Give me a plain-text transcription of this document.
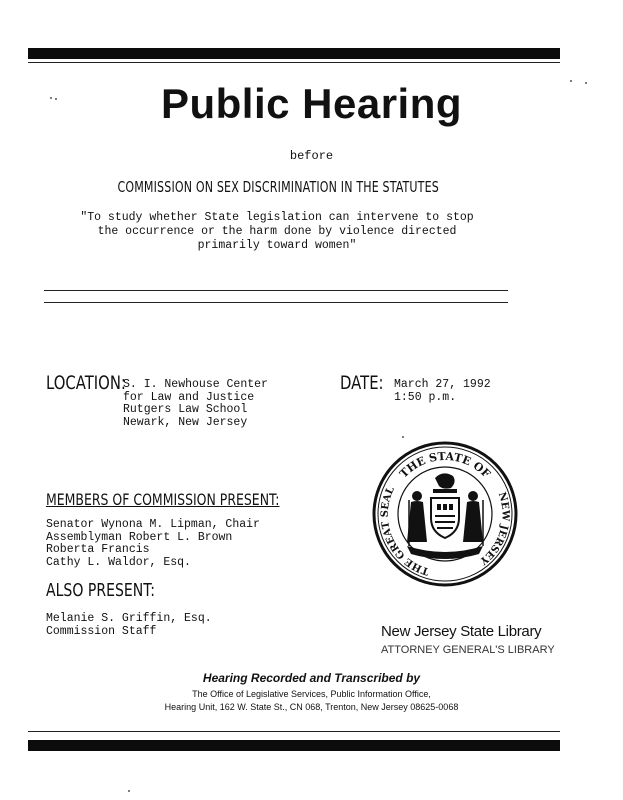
Public Hearing
before
COMMISSION ON SEX DISCRIMINATION IN THE STATUTES
"To study whether State legislation can intervene to stop
the occurrence or the harm done by violence directed
primarily toward women"
LOCATION:
S. I. Newhouse Center
for Law and Justice
Rutgers Law School
Newark, New Jersey
DATE: March 27, 1992
1:50 p.m.
THE STATE OF
THE GREAT SEAL
NEW JERSEY
MEMBERS OF COMMISSION PRESENT:
Senator Wynona M. Lipman, Chair
Assemblyman Robert L. Brown
Roberta Francis
Cathy L. Waldor, Esq.
ALSO PRESENT:
Melanie S. Griffin, Esq.
Commission Staff	New Jersey State Library
ATTORNEY GENERAL'S LIBRARY
Hearing Recorded and Transcribed by
The Office of Legislative Services, Public Information Office,
Hearing Unit, 162 W. State St., CN 068, Trenton, New Jersey 08625-0068
